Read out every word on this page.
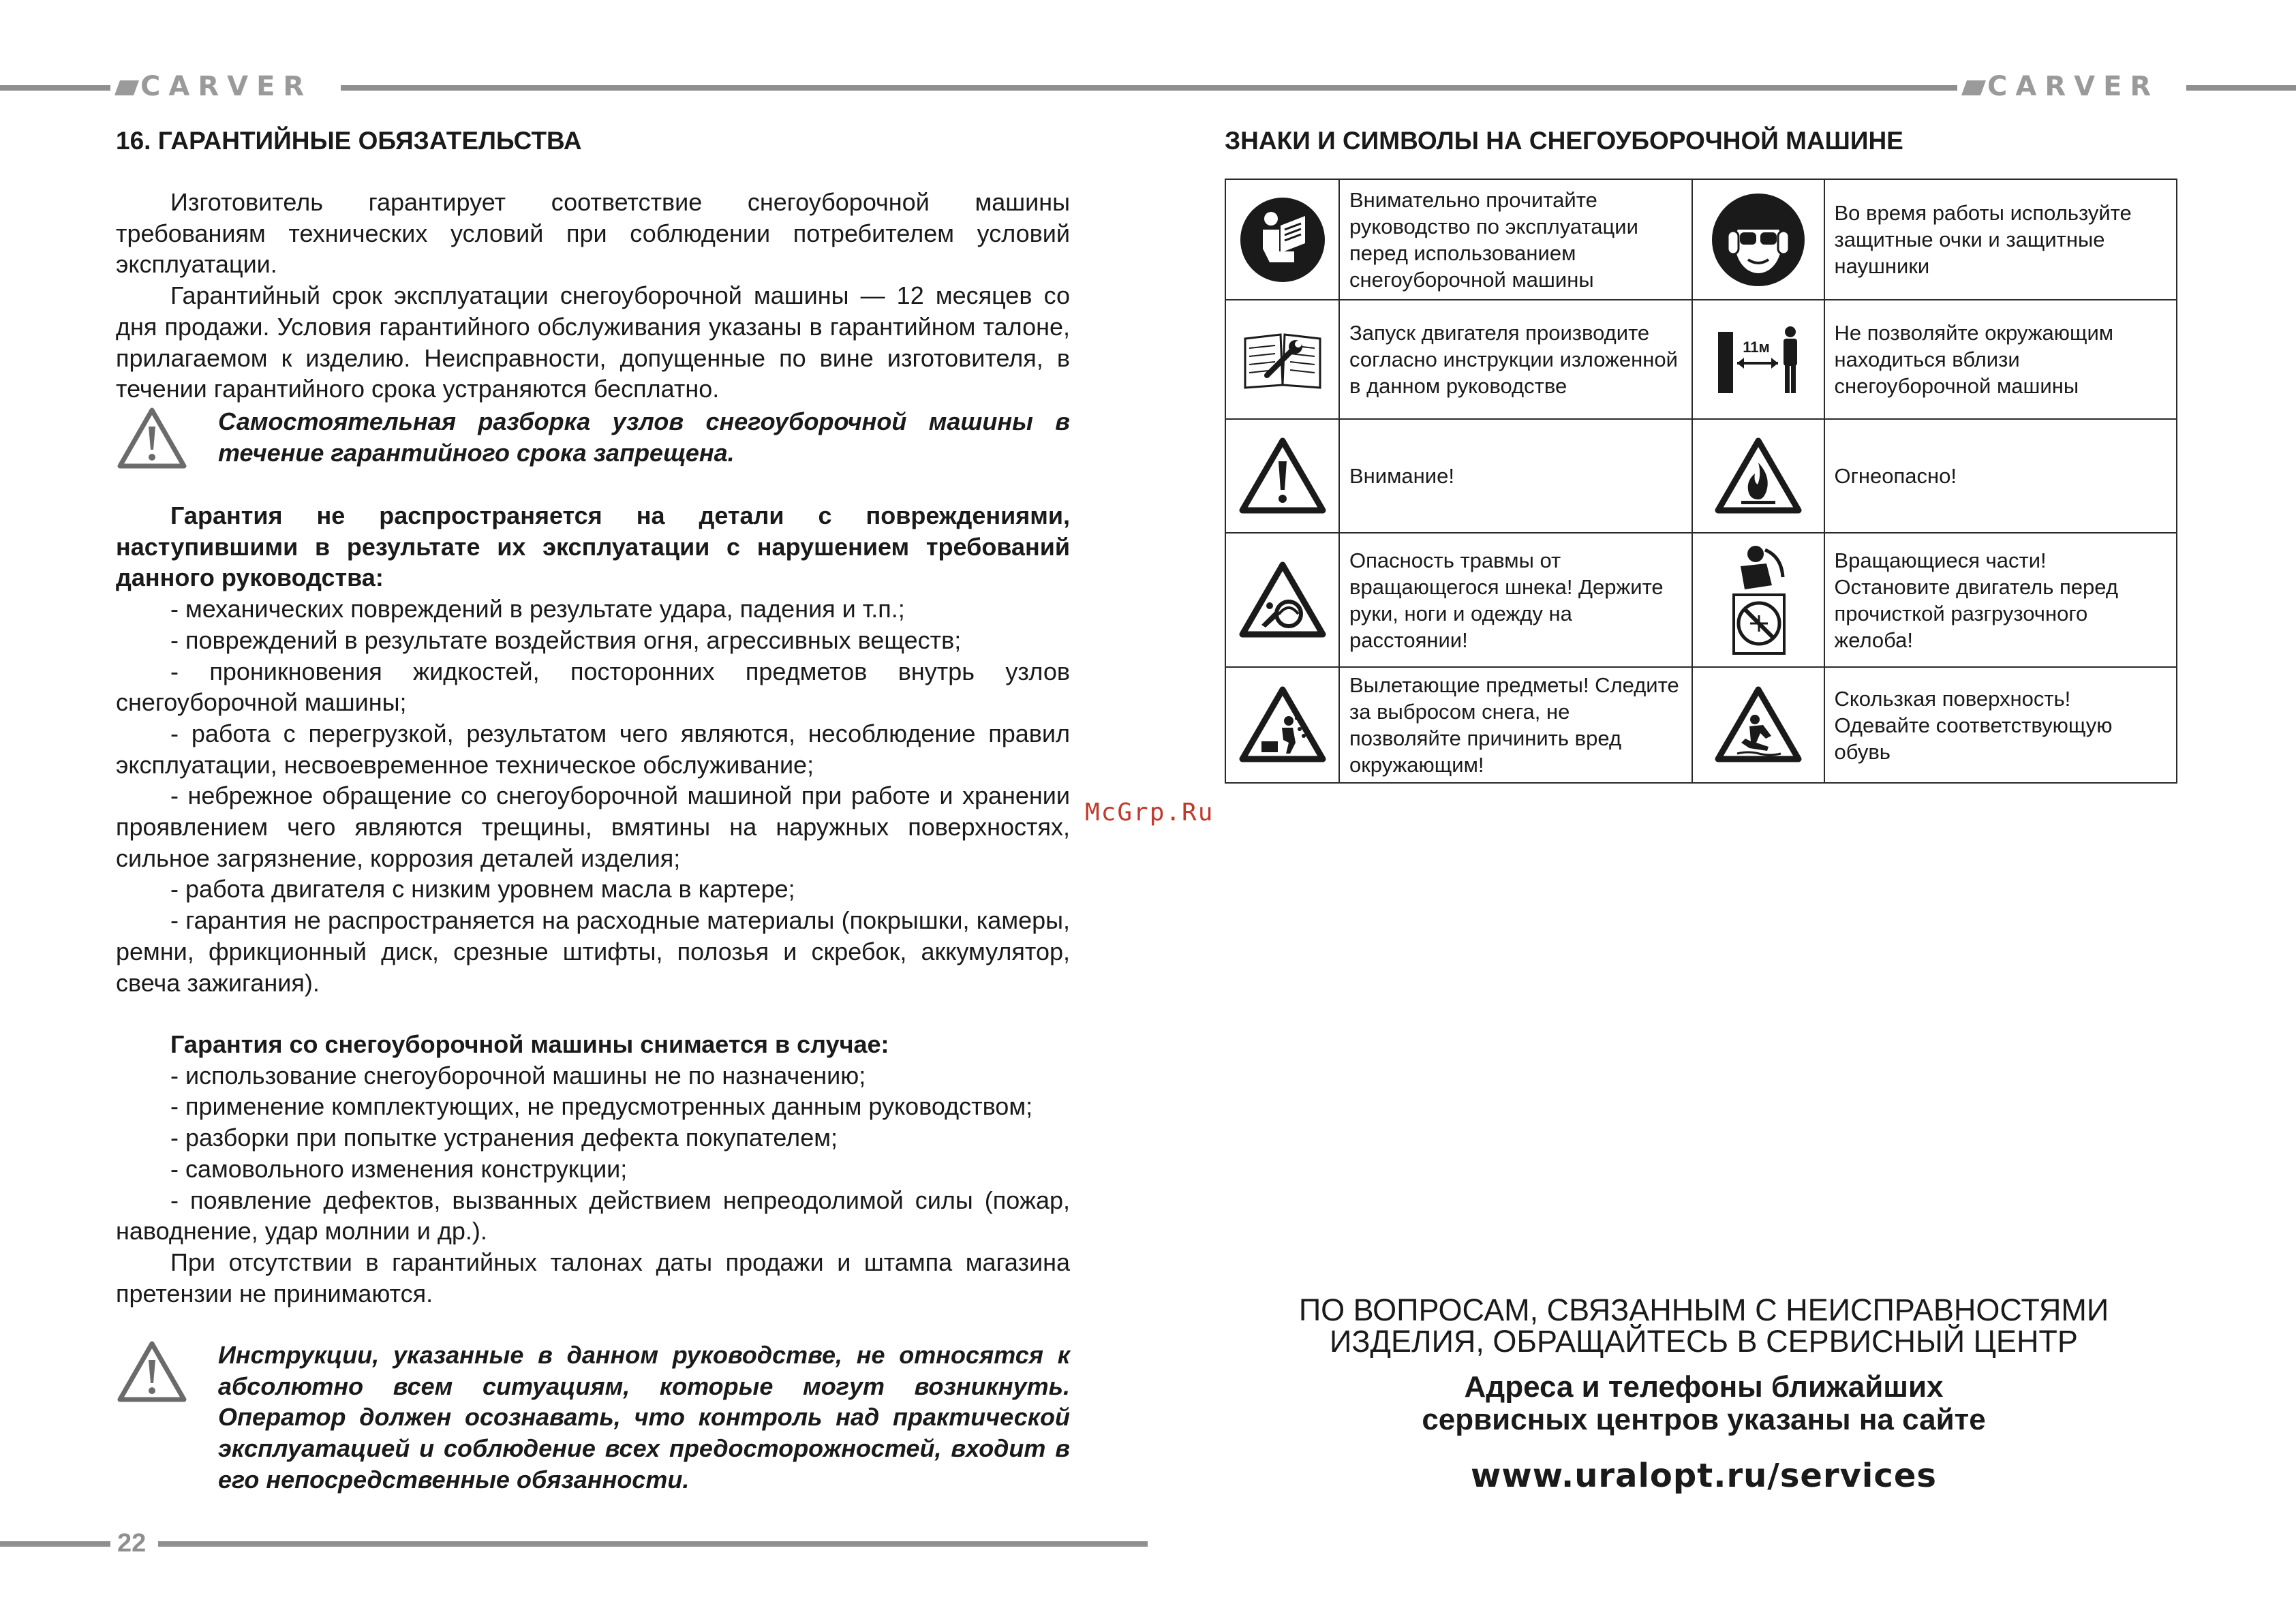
CARVER	CARVER
16. ГАРАНТИЙНЫЕ ОБЯЗАТЕЛЬСТВА

Изготовитель гарантирует соответствие снегоуборочной машины требованиям технических условий при соблюдении потребителем условий эксплуатации.

Гарантийный срок эксплуатации снегоуборочной машины — 12 месяцев со дня продажи. Условия гарантийного обслуживания указаны в гарантийном талоне, прилагаемом к изделию. Неисправности, допущенные по вине изготовителя, в течении гарантийного срока устраняются бесплатно.

Самостоятельная разборка узлов снегоуборочной машины в течение гарантийного срока запрещена.

Гарантия не распространяется на детали с повреждениями, наступившими в результате их эксплуатации с нарушением требований данного руководства:

- механических повреждений в результате удара, падения и т.п.;

- повреждений в результате воздействия огня, агрессивных веществ;

- проникновения жидкостей, посторонних предметов внутрь узлов снегоуборочной машины;

- работа с перегрузкой, результатом чего являются, несоблюдение правил эксплуатации, несвоевременное техническое обслуживание;

- небрежное обращение со снегоуборочной машиной при работе и хранении проявлением чего являются трещины, вмятины на наружных поверхностях, сильное загрязнение, коррозия деталей изделия;

- работа двигателя с низким уровнем масла в картере;

- гарантия не распространяется на расходные материалы (покрышки, камеры, ремни, фрикционный диск, срезные штифты, полозья и скребок, аккумулятор, свеча зажигания).

Гарантия со снегоуборочной машины снимается в случае:

- использование снегоуборочной машины не по назначению;

- применение комплектующих, не предусмотренных данным руководством;

- разборки при попытке устранения дефекта покупателем;

- самовольного изменения конструкции;

- появление дефектов, вызванных действием непреодолимой силы (пожар, наводнение, удар молнии и др.).

При отсутствии в гарантийных талонах даты продажи и штампа магазина претензии не принимаются.

Инструкции, указанные в данном руководстве, не относятся к абсолютно всем ситуациям, которые могут возникнуть. Оператор должен осознавать, что контроль над практической эксплуатацией и соблюдение всех предосторожностей, входит в его непосредственные обязанности.
22
McGrp.Ru
ЗНАКИ И СИМВОЛЫ НА СНЕГОУБОРОЧНОЙ МАШИНЕ
	Внимательно прочитайте руководство по эксплуатации перед использованием снегоуборочной машины		Во время работы используйте защитные очки и защитные наушники

	Запуск двигателя производите согласно инструкции изложенной в данном руководстве	11м	Не позволяйте окружающим находиться вблизи снегоуборочной машины

	Внимание!		Огнеопасно!

	Опасность травмы от вращающегося шнека! Держите руки, ноги и одежду на расстоянии!		Вращающиеся части! Остановите двигатель перед прочисткой разгрузочного желоба!

	Вылетающие предметы! Следите за выбросом снега, не позволяйте причинить вред окружающим!		Скользкая поверхность! Одевайте соответствующую обувь
ПО ВОПРОСАМ, СВЯЗАННЫМ С НЕИСПРАВНОСТЯМИ
ИЗДЕЛИЯ, ОБРАЩАЙТЕСЬ В СЕРВИСНЫЙ ЦЕНТР
Адреса и телефоны ближайших
сервисных центров указаны на сайте
www.uralopt.ru/services
